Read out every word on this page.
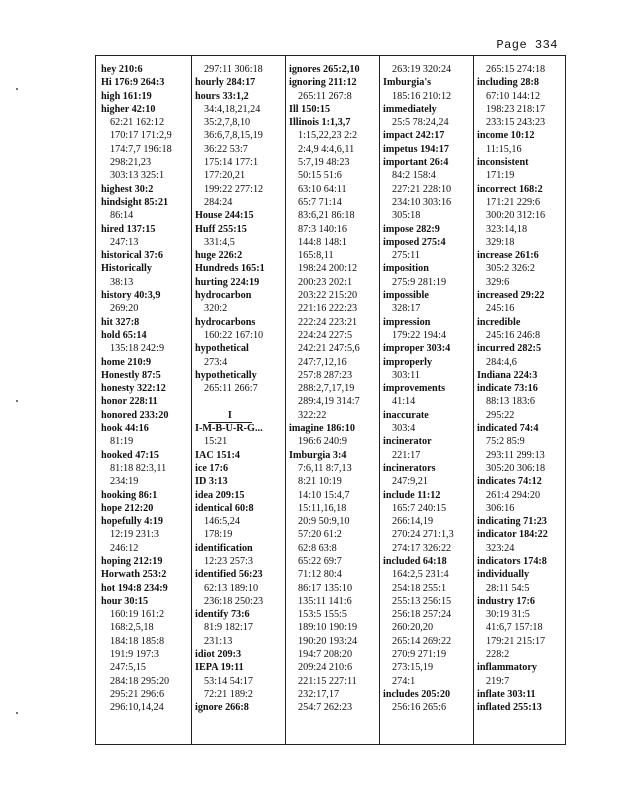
Page 334
hey 210:6
Hi 176:9 264:3
high 161:19
higher 42:10
62:21 162:12
170:17 171:2,9
174:7,7 196:18
298:21,23
303:13 325:1
highest 30:2
hindsight 85:21
86:14
hired 137:15
247:13
historical 37:6
Historically
38:13
history 40:3,9
269:20
hit 327:8
hold 65:14
135:18 242:9
home 210:9
Honestly 87:5
honesty 322:12
honor 228:11
honored 233:20
hook 44:16
81:19
hooked 47:15
81:18 82:3,11
234:19
hooking 86:1
hope 212:20
hopefully 4:19
12:19 231:3
246:12
hoping 212:19
Horwath 253:2
hot 194:8 234:9
hour 30:15
160:19 161:2
168:2,5,18
184:18 185:8
191:9 197:3
247:5,15
284:18 295:20
295:21 296:6
296:10,14,24
297:11 306:18
hourly 284:17
hours 33:1,2
34:4,18,21,24
35:2,7,8,10
36:6,7,8,15,19
36:22 53:7
175:14 177:1
177:20,21
199:22 277:12
284:24
House 244:15
Huff 255:15
331:4,5
huge 226:2
Hundreds 165:1
hurting 224:19
hydrocarbon
320:2
hydrocarbons
160:22 167:10
hypothetical
273:4
hypothetically
265:11 266:7
I
I-M-B-U-R-G...
15:21
IAC 151:4
ice 17:6
ID 3:13
idea 209:15
identical 60:8
146:5,24
178:19
identification
12:23 257:3
identified 56:23
62:13 189:10
236:18 250:23
identify 73:6
81:9 182:17
231:13
idiot 209:3
IEPA 19:11
53:14 54:17
72:21 189:2
ignore 266:8
ignores 265:2,10
ignoring 211:12
265:11 267:8
Ill 150:15
Illinois 1:1,3,7
1:15,22,23 2:2
2:4,9 4:4,6,11
5:7,19 48:23
50:15 51:6
63:10 64:11
65:7 71:14
83:6,21 86:18
87:3 140:16
144:8 148:1
165:8,11
198:24 200:12
200:23 202:1
203:22 215:20
221:16 222:23
222:24 223:21
224:24 227:5
242:21 247:5,6
247:7,12,16
257:8 287:23
288:2,7,17,19
289:4,19 314:7
322:22
imagine 186:10
196:6 240:9
Imburgia 3:4
7:6,11 8:7,13
8:21 10:19
14:10 15:4,7
15:11,16,18
20:9 50:9,10
57:20 61:2
62:8 63:8
65:22 69:7
71:12 80:4
86:17 135:10
135:11 141:6
153:5 155:5
189:10 190:19
190:20 193:24
194:7 208:20
209:24 210:6
221:15 227:11
232:17,17
254:7 262:23
263:19 320:24
Imburgia's
185:16 210:12
immediately
25:5 78:24,24
impact 242:17
impetus 194:17
important 26:4
84:2 158:4
227:21 228:10
234:10 303:16
305:18
impose 282:9
imposed 275:4
275:11
imposition
275:9 281:19
impossible
328:17
impression
179:22 194:4
improper 303:4
improperly
303:11
improvements
41:14
inaccurate
303:4
incinerator
221:17
incinerators
247:9,21
include 11:12
165:7 240:15
266:14,19
270:24 271:1,3
274:17 326:22
included 64:18
164:2,5 231:4
254:18 255:1
255:13 256:15
256:18 257:24
260:20,20
265:14 269:22
270:9 271:19
273:15,19
274:1
includes 205:20
256:16 265:6
265:15 274:18
including 28:8
67:10 144:12
198:23 218:17
233:15 243:23
income 10:12
11:15,16
inconsistent
171:19
incorrect 168:2
171:21 229:6
300:20 312:16
323:14,18
329:18
increase 261:6
305:2 326:2
329:6
increased 29:22
245:16
incredible
245:16 246:8
incurred 282:5
284:4,6
Indiana 224:3
indicate 73:16
88:13 183:6
295:22
indicated 74:4
75:2 85:9
293:11 299:13
305:20 306:18
indicates 74:12
261:4 294:20
306:16
indicating 71:23
indicator 184:22
323:24
indicators 174:8
individually
28:11 54:5
industry 17:6
30:19 31:5
41:6,7 157:18
179:21 215:17
228:2
inflammatory
219:7
inflate 303:11
inflated 255:13
